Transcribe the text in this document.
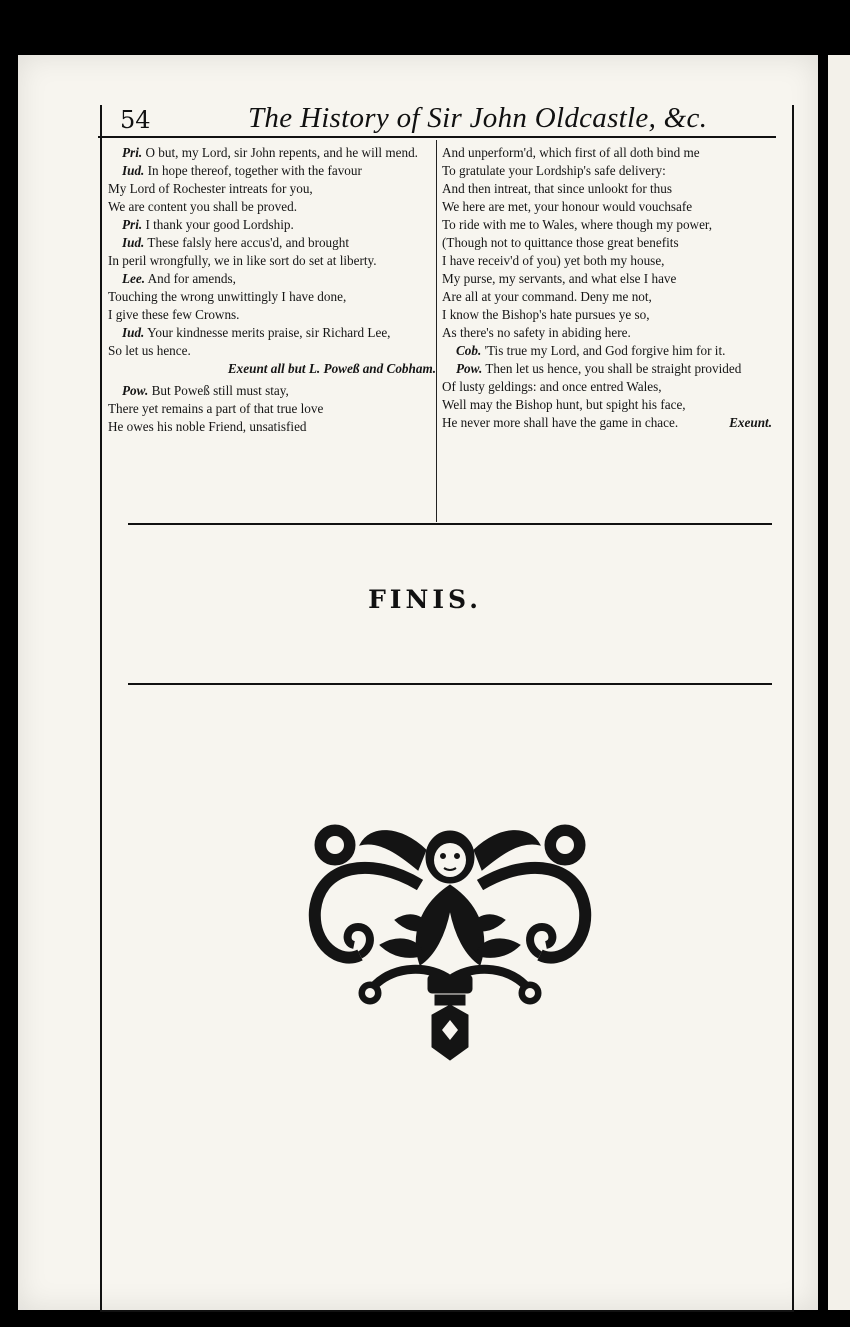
54	The History of Sir John Oldcastle, &c.
Pri. O but, my Lord, sir John repents, and he will mend.
Iud. In hope thereof, together with the favour
My Lord of Rochester intreats for you,
We are content you shall be proved.
Pri. I thank your good Lordship.
Iud. These falsly here accus'd, and brought
In peril wrongfully, we in like sort do set at liberty.
Lee. And for amends,
Touching the wrong unwittingly I have done,
I give these few Crowns.
Iud. Your kindnesse merits praise, sir Richard Lee,
So let us hence.
Exeunt all but L. Poweß and Cobham.
Pow. But Poweß still must stay,
There yet remains a part of that true love
He owes his noble Friend, unsatisfied
And unperform'd, which first of all doth bind me
To gratulate your Lordship's safe delivery:
And then intreat, that since unlookt for thus
We here are met, your honour would vouchsafe
To ride with me to Wales, where though my power,
(Though not to quittance those great benefits
I have receiv'd of you) yet both my house,
My purse, my servants, and what else I have
Are all at your command. Deny me not,
I know the Bishop's hate pursues ye so,
As there's no safety in abiding here.
Cob. 'Tis true my Lord, and God forgive him for it.
Pow. Then let us hence, you shall be straight provided
Of lusty geldings: and once entred Wales,
Well may the Bishop hunt, but spight his face,
He never more shall have the game in chace.	Exeunt.
FINIS.
